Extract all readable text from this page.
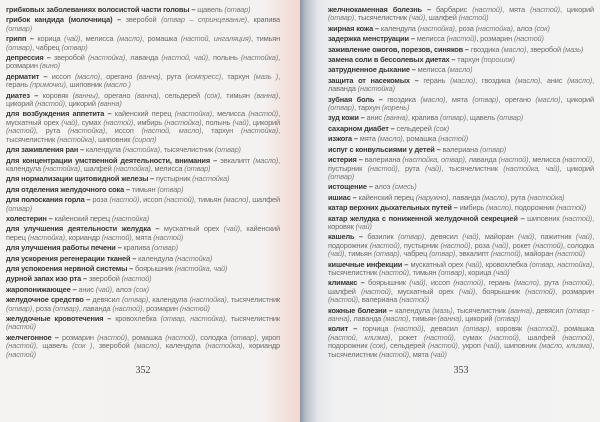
грибковых заболеваниях волосистой части головы – щавель (отвар)
грибок кандида (молочница) – зверобой (отвар – спринцевание), крапива (отвар)
грипп – корица (чай), мелисса (масло), ромашка (настой, ингаляция), тимьян (отвар), чабрец (отвар)
депрессия – зверобой (настойка), лаванда (настой, чай), полынь (настойка), розмарин (вино)
дерматит – иссоп (масло), орегано (ванна), рута (компресс), тархун (мазь ), герань (примочки), шиповник (масло )
диатез – коровяк (ванны), орегано (ванна), сельдерей (сок), тимьян (ванна), цикорий (настой), цикорий (ванна)
для возбуждения аппетита – кайенский перец (настойка), мелисса (настой), мускатный орех (чай), сумах (настой), имбирь (настойка), полынь (чай), цикорий (настой), рута (настойка), иссоп (настой, масло), тархун (настойка), тысячелистник (настойка), шиповник (сироп)
для заживления ран – календула (настойка), тысячелистник (отвар)
для концентрации умственной деятельности, внимания – эвкалипт (масло), календула (настойка), шалфей (настойка), мелисса (отвар)
для нормализации щитовидной железы – пустырник (настойка)
для отделения желудочного сока – тимьян (отвар)
для полоскания горла – роза (настой), иссоп (настой), тимьян (масло), шалфей (отвар)
холестерин – кайенский перец (настойка)
для улучшения деятельности желудка – мускатный орех (чай), кайенский перец (настойка), кориандр (настой), мята (настой)
для улучшения работы печени – крапива (отвар)
для ускорения регенерации тканей – календула (настойка)
для успокоения нервной системы – боярышник (настойка, чай)
дурной запах изо рта – зверобой (настой)
жаропонижающее – анис (чай), алоэ (сок)
желудочное средство – девясил (отвар), календула (настойка), тысячелистник (отвар), роза (отвар), лаванда (настой), розмарин (настой)
желудочные кровотечения – кровохлебка (отвар, настойка), тысячелистник (настой)
желчегонное – розмарин (настой), ромашка (настой), солодка (отвар), укроп (настой), щавель (сок ), зверобой (масло), календула (настойка), кориандр (настой)
352
желчнокаменная болезнь – барбарис (настой), мята (настой), цикорий (отвар), тысячелистник (чай), шалфей (настой)
жирная кожа – календула (настойка), роза (настойка), алоэ (сок)
задержка менструации – мелисса (настой), розмарин (настой)
заживление ожогов, порезов, синяков – гвоздика (масло), зверобой (мазь)
замена соли в бессолевых диетах – тархун (порошок)
затрудненное дыхание – мелисса (масло)
защита от насекомых – герань (масло), гвоздика (масло), анис (масло), лаванда (настойка)
зубная боль – гвоздика (масло), мята (отвар), орегано (масло), цикорий (отвар), тархун (корень)
зуд кожи – анис (ванна), крапива (отвар), щавель (отвар)
сахарном диабет – сельдерей (сок)
изжога – мята (масло), ромашка (настой)
испуг с конвульсиями у детей – валериана (отвар)
истерия – валериана (настойка, отвар), лаванда (настой), мелисса (настой), пустырник (настой), рута (чай), тысячелистник (настойка, чай), цикорий (отвар)
истощение – алоэ (смесь)
ишиас – кайенский перец (наружно), лаванда (масло), рута (настойка)
катар верхних дыхательных путей – имбирь (масло), подорожник (настой)
катар желудка с пониженной желудочной секрецией – шиповник (настой), коровяк (чай)
кашель – базилик (отвар), девясил (чай), майоран (чай), пажитник (чай), подорожник (настой), пустырник (настой), роза (чай), рокет (настой), солодка (чай), тимьян (отвар), чабрец (отвар), эвкалипт (настой), майоран (настой)
кишечные инфекции – мускатный орех (чай), кровохлебка (отвар, настойка), тысячелистник (настой), тимьян (отвар), корица (чай)
климакс – боярышник (чай), иссоп (настой), герань (масло), рута (настой), шалфей (настой), мускатный орех (чай), боярышник (настой), розмарин (настой), валериана (настой)
кожные болезни – календула (мазь), тысячелистник (ванна), девясил (отвар - ванна), лаванда (масло), тимьян (ванна), цикорий (отвар)
колит – горчица (настой), девясил (отвар), коровяк (настой), ромашка (настой, клизма), рокет (настой), сумах (настой), шалфей (настой), подорожник (сок), сельдерей (настой), укроп (чай), шиповник (масло, клизма), тысячелистник (настой), мята (чай)
353
